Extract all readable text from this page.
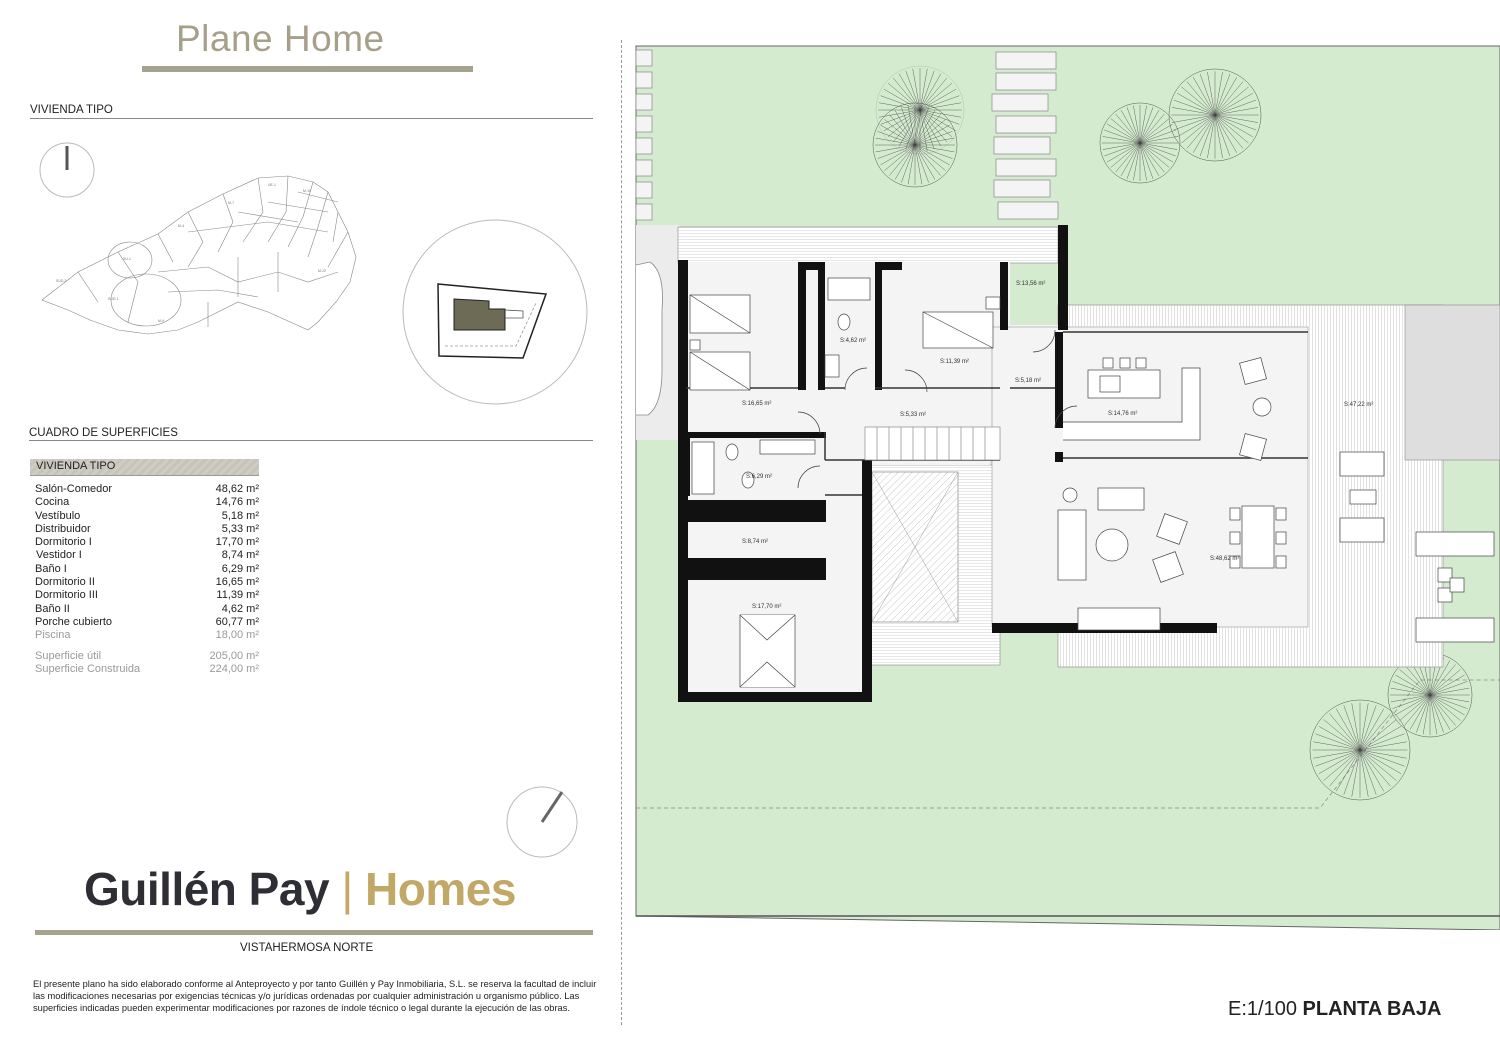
Plane Home
VIVIENDA TIPO
SUD-2
SUD-1
SU-1
M-4
M-7
UE-1
M-10
M-22
M-9
CUADRO DE SUPERFICIES
VIVIENDA TIPO
Salón-Comedor	48,62 m²
Cocina	14,76 m²
Vestíbulo	5,18 m²
Distribuidor	5,33 m²
Dormitorio I	17,70 m²
Vestidor I	8,74 m²
Baño I	6,29 m²
Dormitorio II	16,65 m²
Dormitorio III	11,39 m²
Baño II	4,62 m²
Porche cubierto	60,77 m²
Piscina	18,00 m²
Superficie útil	205,00 m²
Superficie Construida	224,00 m²
Guillén Pay | Homes
VISTAHERMOSA NORTE
El presente plano ha sido elaborado conforme al Anteproyecto y por tanto Guillén y Pay Inmobiliaria, S.L. se reserva la facultad de incluir las modificaciones necesarias por exigencias técnicas y/o jurídicas ordenadas por cualquier administración u organismo público. Las superficies indicadas pueden experimentar modificaciones por razones de índole técnico o legal durante la ejecución de las obras.
S:13,56 m²
S:16,65 m²
S:4,62 m²
S:11,39 m²
S:5,18 m²
S:5,33 m²	S:14,76 m²
S:47,22 m²
S:6,29 m²
S:8,74 m²
S:48,62 m²
S:17,70 m²
E:1/100 PLANTA BAJA
